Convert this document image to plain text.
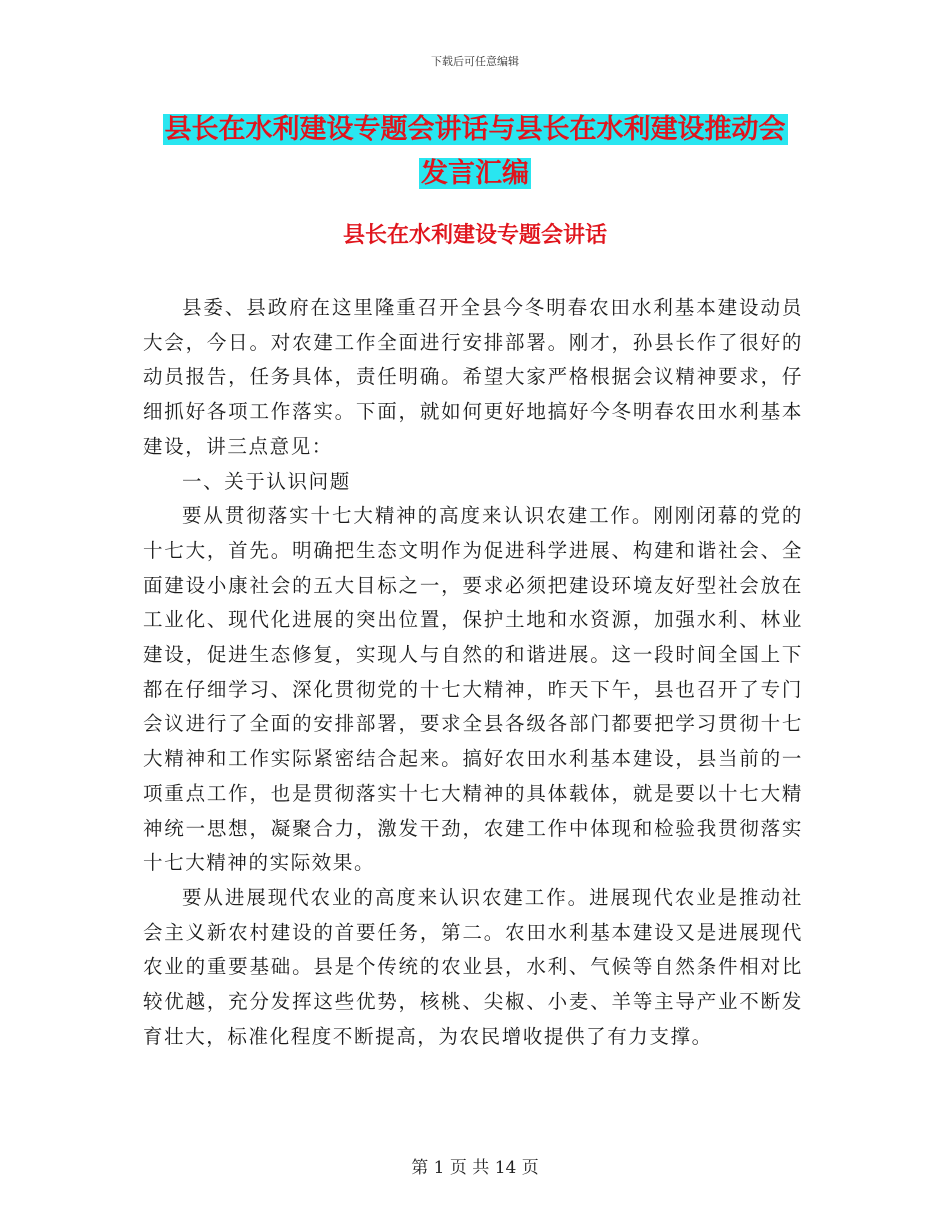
下载后可任意编辑
县长在水利建设专题会讲话与县长在水利建设推动会
发言汇编
县长在水利建设专题会讲话

县委、县政府在这里隆重召开全县今冬明春农田水利基本建设动员大会，今日。对农建工作全面进行安排部署。刚才，孙县长作了很好的动员报告，任务具体，责任明确。希望大家严格根据会议精神要求，仔细抓好各项工作落实。下面，就如何更好地搞好今冬明春农田水利基本建设，讲三点意见：

一、关于认识问题

要从贯彻落实十七大精神的高度来认识农建工作。刚刚闭幕的党的十七大，首先。明确把生态文明作为促进科学进展、构建和谐社会、全面建设小康社会的五大目标之一，要求必须把建设环境友好型社会放在工业化、现代化进展的突出位置，保护土地和水资源，加强水利、林业建设，促进生态修复，实现人与自然的和谐进展。这一段时间全国上下都在仔细学习、深化贯彻党的十七大精神，昨天下午，县也召开了专门会议进行了全面的安排部署，要求全县各级各部门都要把学习贯彻十七大精神和工作实际紧密结合起来。搞好农田水利基本建设，县当前的一项重点工作，也是贯彻落实十七大精神的具体载体，就是要以十七大精神统一思想，凝聚合力，激发干劲，农建工作中体现和检验我贯彻落实十七大精神的实际效果。

要从进展现代农业的高度来认识农建工作。进展现代农业是推动社会主义新农村建设的首要任务，第二。农田水利基本建设又是进展现代农业的重要基础。县是个传统的农业县，水利、气候等自然条件相对比较优越，充分发挥这些优势，核桃、尖椒、小麦、羊等主导产业不断发育壮大，标准化程度不断提高，为农民增收提供了有力支撑。

第 1 页 共 14 页
